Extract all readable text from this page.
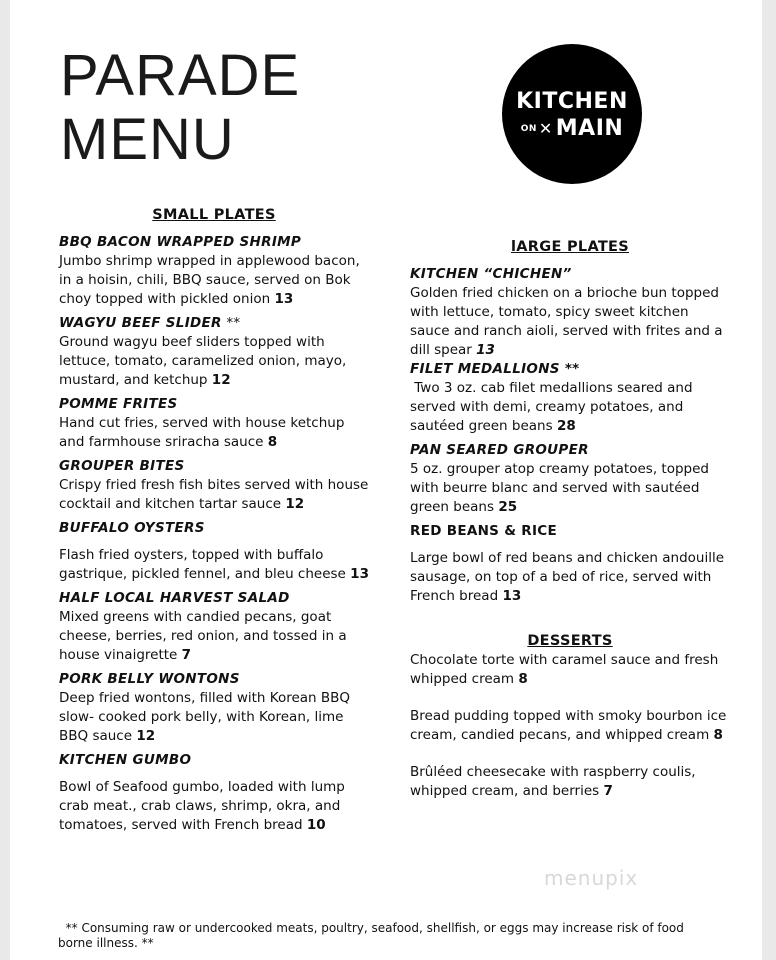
PARADE
MENU
KITCHEN
ON ✕ MAIN
SMALL PLATES
BBQ BACON WRAPPED SHRIMP

Jumbo shrimp wrapped in applewood bacon, in a hoisin, chili, BBQ sauce, served on Bok choy topped with pickled onion 13

WAGYU BEEF SLIDER **

Ground wagyu beef sliders topped with lettuce, tomato, caramelized onion, mayo, mustard, and ketchup 12

POMME FRITES

Hand cut fries, served with house ketchup and farmhouse sriracha sauce 8

GROUPER BITES

Crispy fried fresh fish bites served with house cocktail and kitchen tartar sauce 12

BUFFALO OYSTERS

Flash fried oysters, topped with buffalo gastrique, pickled fennel, and bleu cheese 13

HALF LOCAL HARVEST SALAD

Mixed greens with candied pecans, goat cheese, berries, red onion, and tossed in a house vinaigrette 7

PORK BELLY WONTONS

Deep fried wontons, filled with Korean BBQ slow- cooked pork belly, with Korean, lime BBQ sauce 12

KITCHEN GUMBO

Bowl of Seafood gumbo, loaded with lump crab meat., crab claws, shrimp, okra, and tomatoes, served with French bread 10

lARGE PLATES
KITCHEN “CHICHEN”

Golden fried chicken on a brioche bun topped with lettuce, tomato, spicy sweet kitchen sauce and ranch aioli, served with frites and a dill spear 13

FILET MEDALLIONS **

Two 3 oz. cab filet medallions seared and served with demi, creamy potatoes, and sautéed green beans 28

PAN SEARED GROUPER

5 oz. grouper atop creamy potatoes, topped with beurre blanc and served with sautéed green beans 25

RED BEANS & RICE

Large bowl of red beans and chicken andouille sausage, on top of a bed of rice, served with French bread 13

DESSERTS

Chocolate torte with caramel sauce and fresh whipped cream 8

Bread pudding topped with smoky bourbon ice cream, candied pecans, and whipped cream 8

Brûléed cheesecake with raspberry coulis, whipped cream, and berries 7

menupix
** Consuming raw or undercooked meats, poultry, seafood, shellfish, or eggs may increase risk of food borne illness. **
